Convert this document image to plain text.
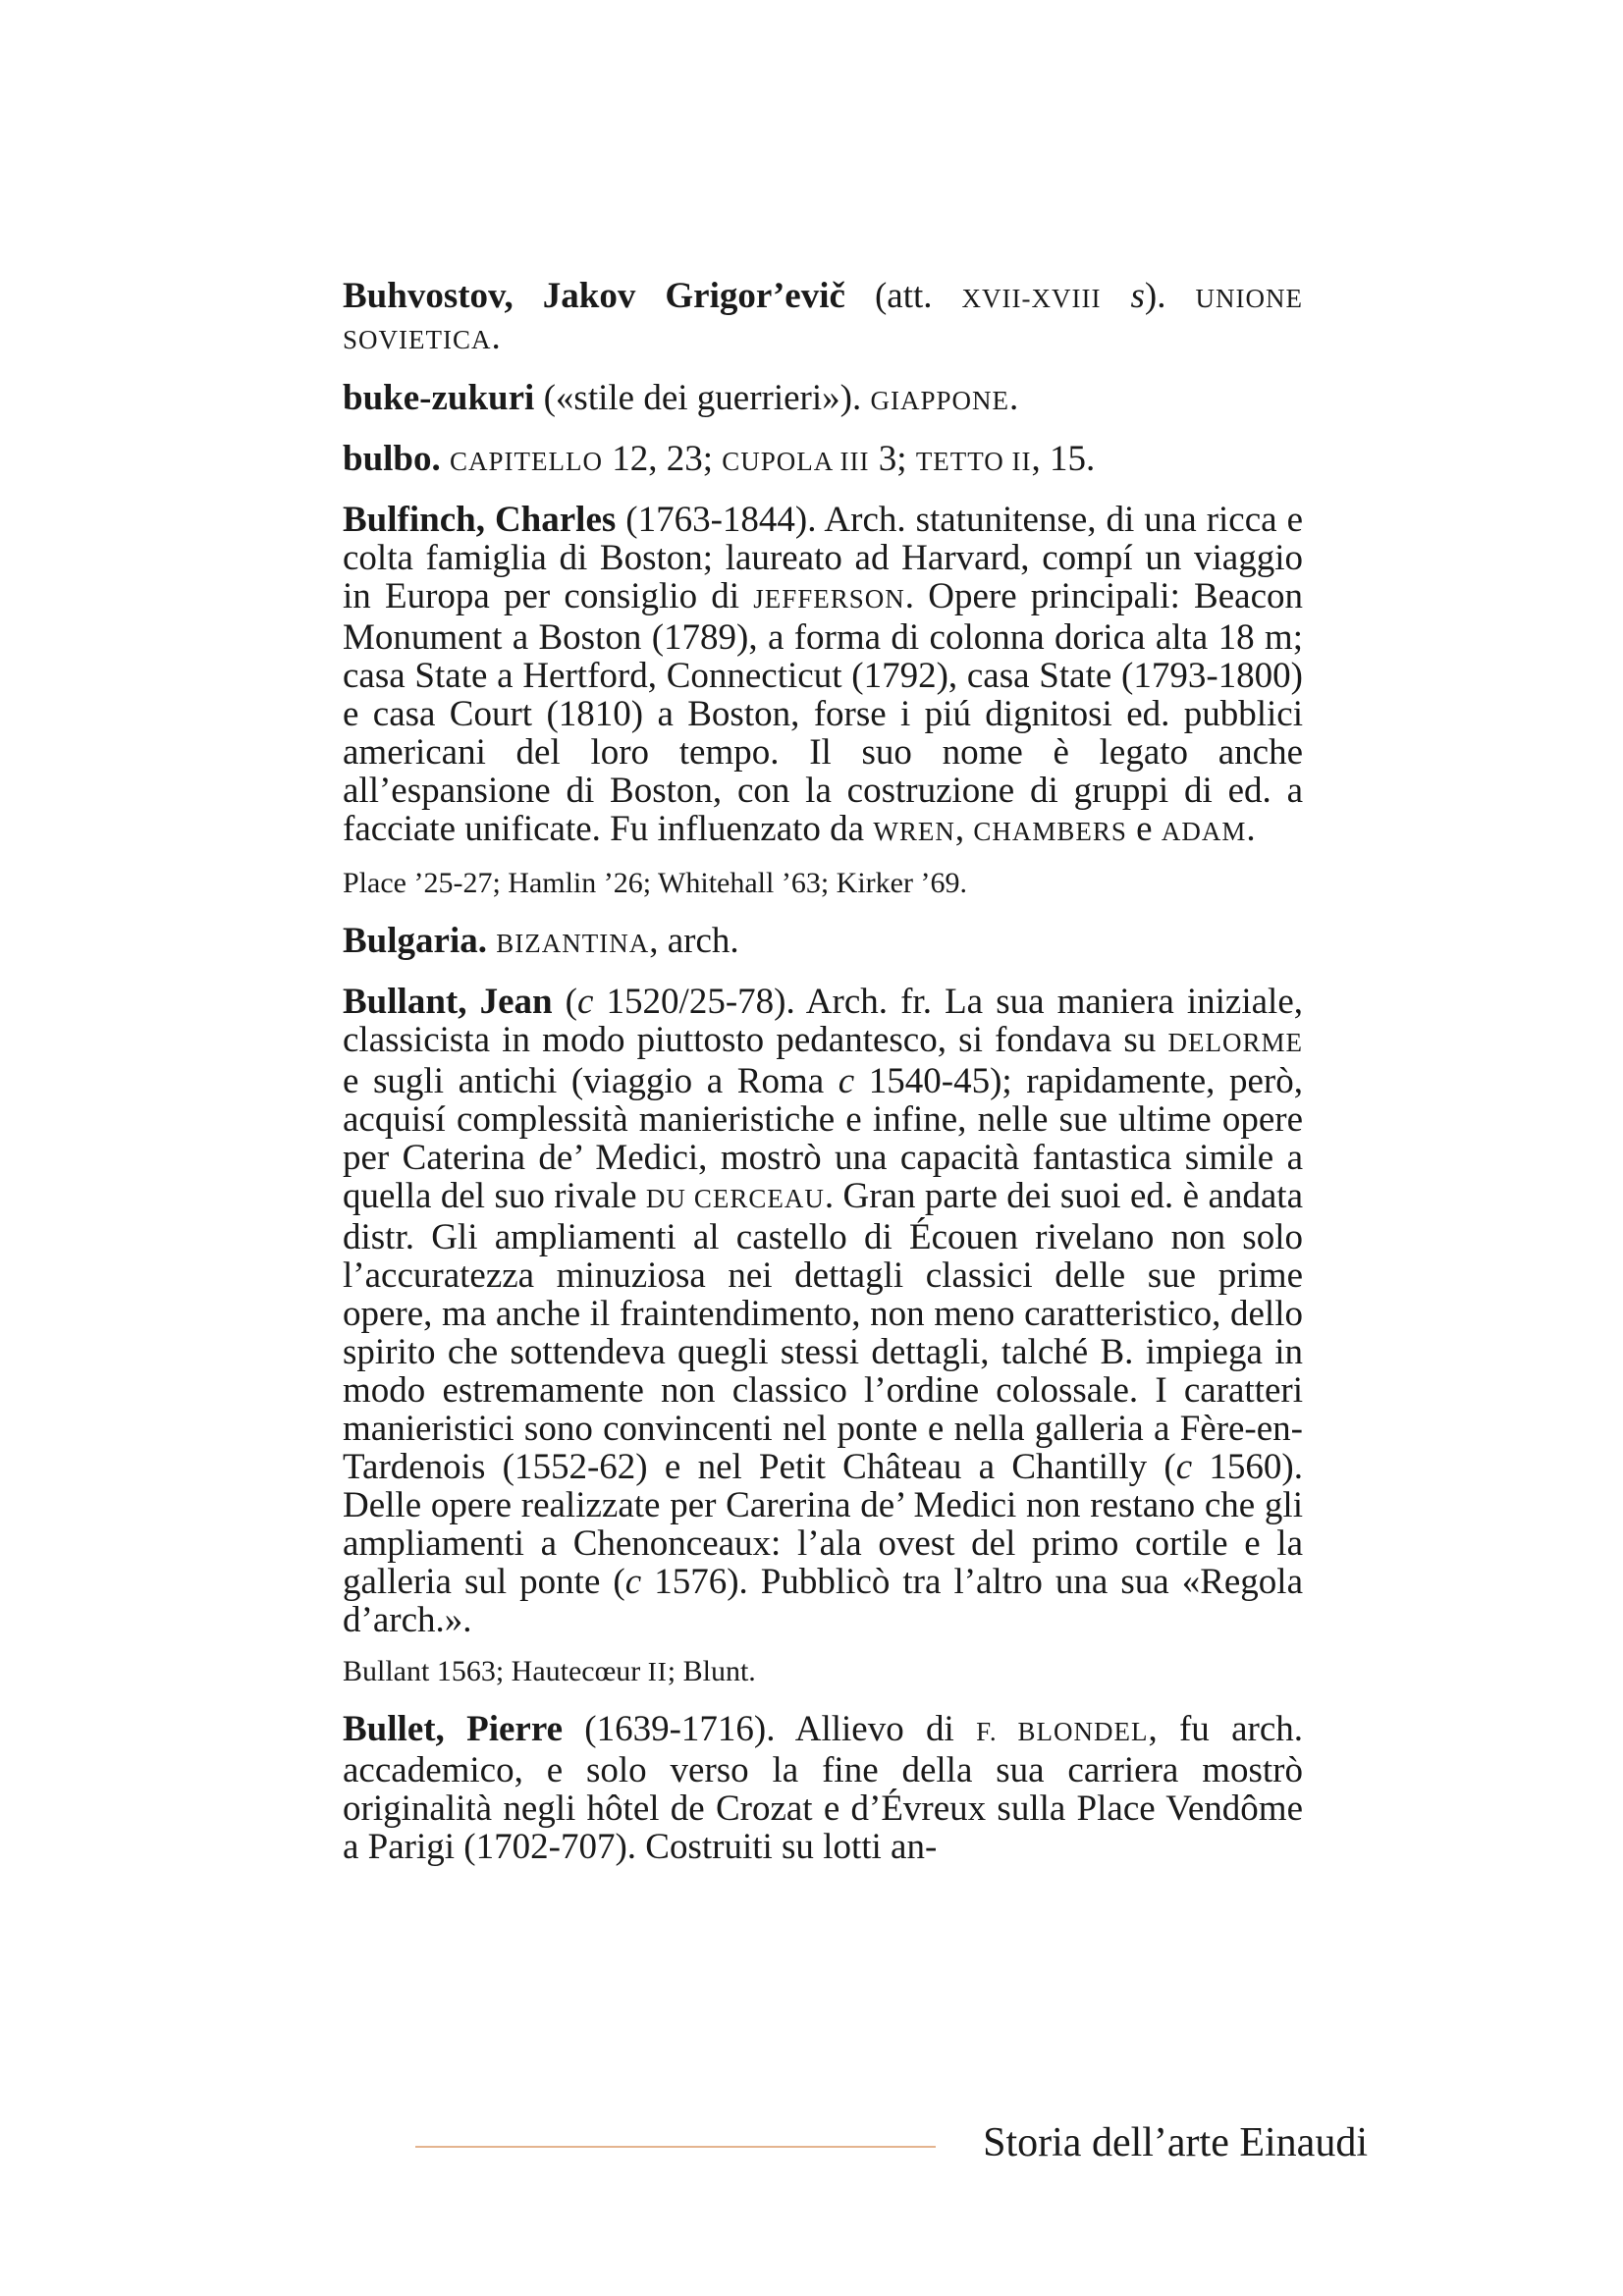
Buhvostov, Jakov Grigor’evič (att. XVII-XVIII s). UNIONE SOVIETICA.

buke-zukuri («stile dei guerrieri»). GIAPPONE.

bulbo. CAPITELLO 12, 23; CUPOLA III 3; TETTO II, 15.

Bulfinch, Charles (1763-1844). Arch. statunitense, di una ricca e colta famiglia di Boston; laureato ad Harvard, compí un viaggio in Europa per consiglio di JEFFERSON. Opere principali: Beacon Monument a Boston (1789), a forma di colonna dorica alta 18 m; casa State a Hertford, Connecticut (1792), casa State (1793-1800) e casa Court (1810) a Boston, forse i piú dignitosi ed. pubblici americani del loro tempo. Il suo nome è legato anche all’espansione di Boston, con la costruzione di gruppi di ed. a facciate unificate. Fu influenzato da WREN, CHAMBERS e ADAM.

Place ’25-27; Hamlin ’26; Whitehall ’63; Kirker ’69.

Bulgaria. BIZANTINA, arch.

Bullant, Jean (c 1520/25-78). Arch. fr. La sua maniera iniziale, classicista in modo piuttosto pedantesco, si fondava su DELORME e sugli antichi (viaggio a Roma c 1540-45); rapidamente, però, acquisí complessità manieristiche e infine, nelle sue ultime opere per Caterina de’ Medici, mostrò una capacità fantastica simile a quella del suo rivale DU CERCEAU. Gran parte dei suoi ed. è andata distr. Gli ampliamenti al castello di Écouen rivelano non solo l’accuratezza minuziosa nei dettagli classici delle sue prime opere, ma anche il fraintendimento, non meno caratteristico, dello spirito che sottendeva quegli stessi dettagli, talché B. impiega in modo estremamente non classico l’ordine colossale. I caratteri manieristici sono convincenti nel ponte e nella galleria a Fère-en-Tardenois (1552-62) e nel Petit Château a Chantilly (c 1560). Delle opere realizzate per Carerina de’ Medici non restano che gli ampliamenti a Chenonceaux: l’ala ovest del primo cortile e la galleria sul ponte (c 1576). Pubblicò tra l’altro una sua «Regola d’arch.».

Bullant 1563; Hautecœur II; Blunt.

Bullet, Pierre (1639-1716). Allievo di F. BLONDEL, fu arch. accademico, e solo verso la fine della sua carriera mostrò originalità negli hôtel de Crozat e d’Évreux sulla Place Vendôme a Parigi (1702-707). Costruiti su lotti an-

Storia dell’arte Einaudi
